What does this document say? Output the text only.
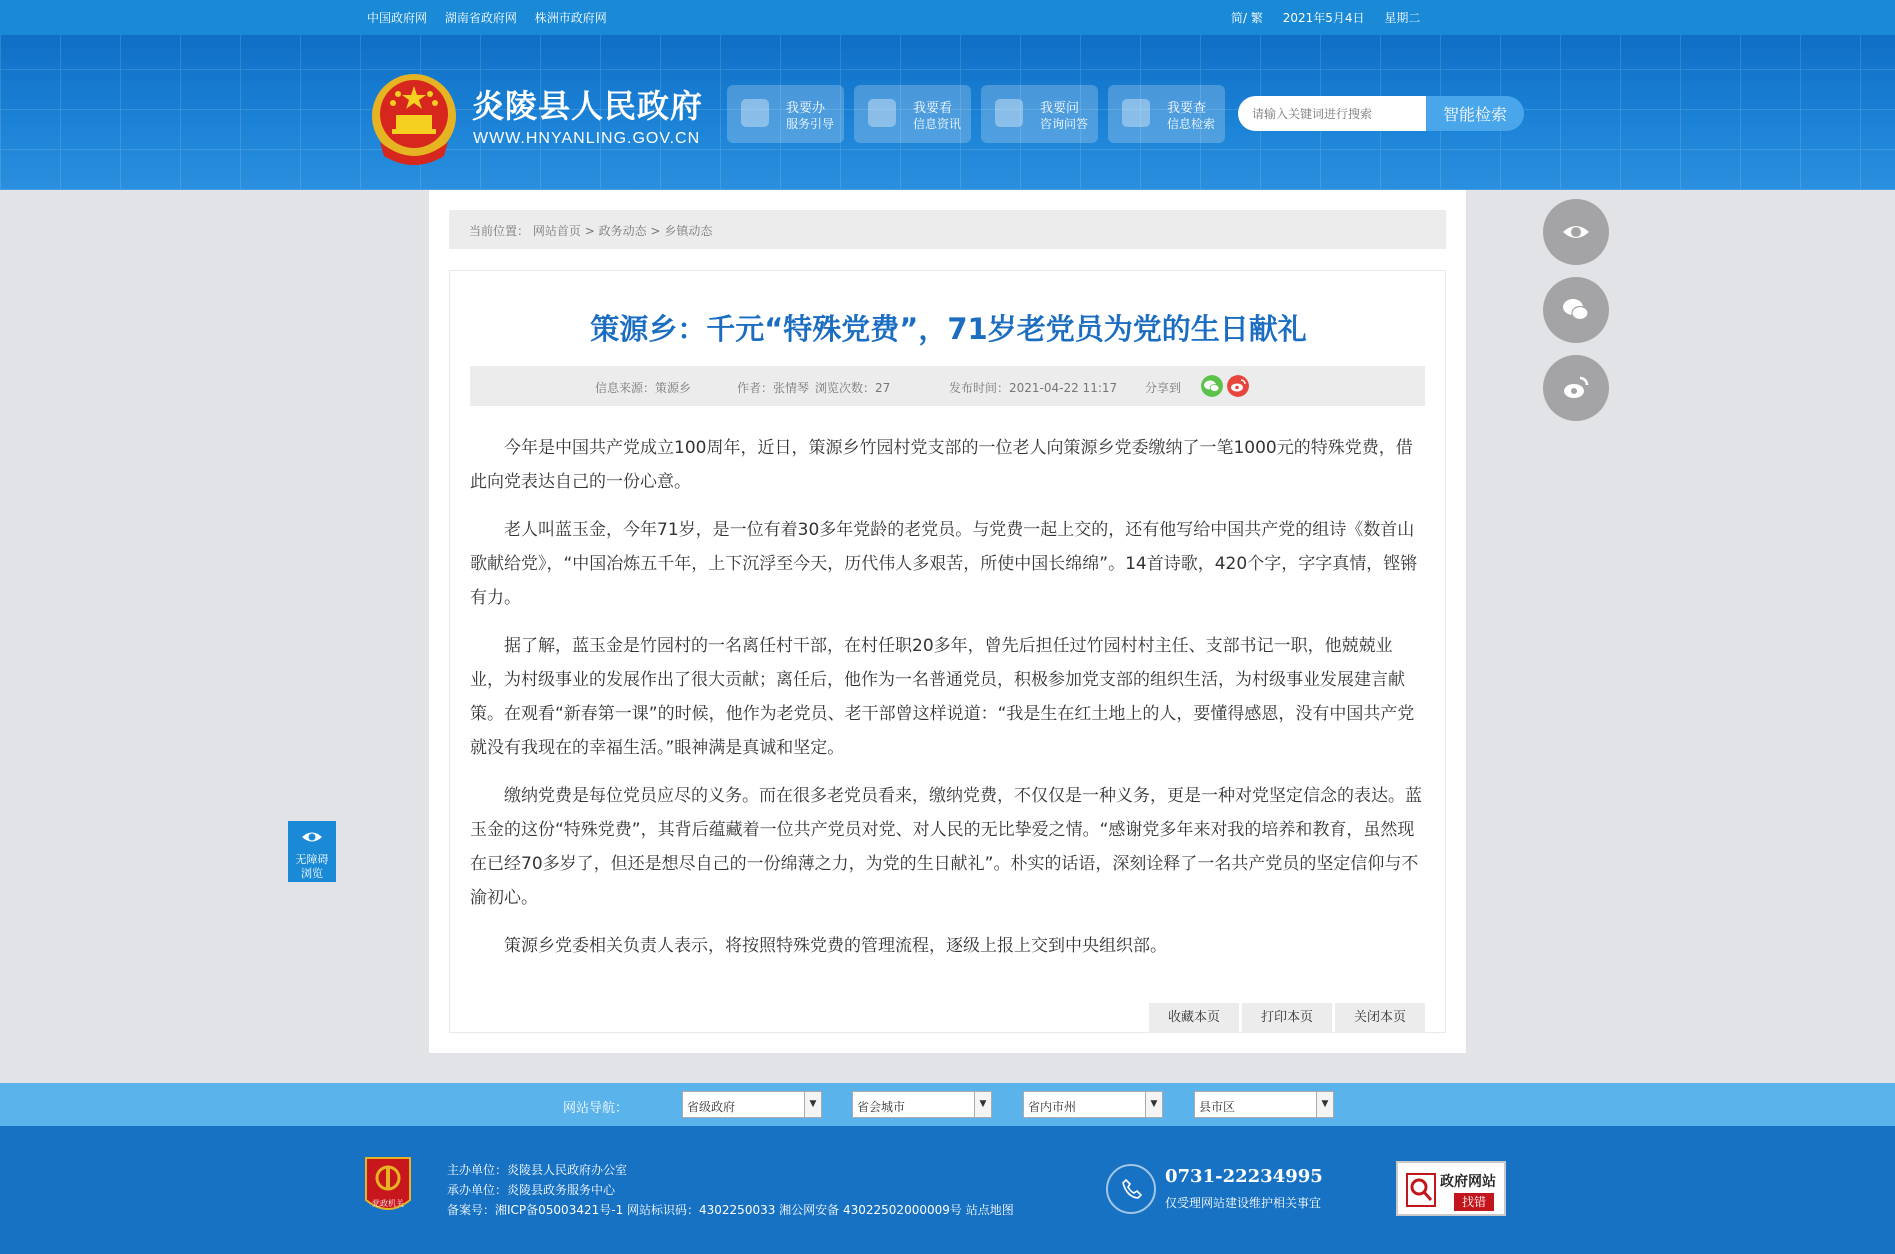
中国政府网 湖南省政府网 株洲市政府网	简/ 繁 2021年5月4日 星期二
炎陵县人民政府
WWW.HNYANLING.GOV.CN
我要办
服务引导
我要看
信息资讯
我要问
咨询问答
我要查
信息检索
请输入关键词进行搜索	智能检索
当前位置： 网站首页 > 政务动态 > 乡镇动态
策源乡：千元“特殊党费”，71岁老党员为党的生日献礼
信息来源：策源乡	作者：张情琴 浏览次数：27	发布时间：2021-04-22 11:17 分享到

今年是中国共产党成立100周年，近日，策源乡竹园村党支部的一位老人向策源乡党委缴纳了一笔1000元的特殊党费，借此向党表达自己的一份心意。

老人叫蓝玉金，今年71岁，是一位有着30多年党龄的老党员。与党费一起上交的，还有他写给中国共产党的组诗《数首山歌献给党》，“中国冶炼五千年，上下沉浮至今天，历代伟人多艰苦，所使中国长绵绵”。14首诗歌，420个字，字字真情，铿锵有力。

据了解，蓝玉金是竹园村的一名离任村干部，在村任职20多年，曾先后担任过竹园村村主任、支部书记一职，他兢兢业业，为村级事业的发展作出了很大贡献；离任后，他作为一名普通党员，积极参加党支部的组织生活，为村级事业发展建言献策。在观看“新春第一课”的时候，他作为老党员、老干部曾这样说道：“我是生在红土地上的人，要懂得感恩，没有中国共产党就没有我现在的幸福生活。”眼神满是真诚和坚定。

缴纳党费是每位党员应尽的义务。而在很多老党员看来，缴纳党费，不仅仅是一种义务，更是一种对党坚定信念的表达。蓝玉金的这份“特殊党费”，其背后蕴藏着一位共产党员对党、对人民的无比挚爱之情。“感谢党多年来对我的培养和教育，虽然现在已经70多岁了，但还是想尽自己的一份绵薄之力，为党的生日献礼”。朴实的话语，深刻诠释了一名共产党员的坚定信仰与不渝初心。

策源乡党委相关负责人表示，将按照特殊党费的管理流程，逐级上报上交到中央组织部。

收藏本页	打印本页	关闭本页
无障碍
浏览
网站导航：	省级政府	▼	省会城市	▼	省内市州	▼	县市区	▼
党政机关
主办单位：炎陵县人民政府办公室
承办单位：炎陵县政务服务中心
备案号：湘ICP备05003421号-1 网站标识码：4302250033 湘公网安备 43022502000009号 站点地图
0731-22234995
仅受理网站建设维护相关事宜
政府网站
找错
